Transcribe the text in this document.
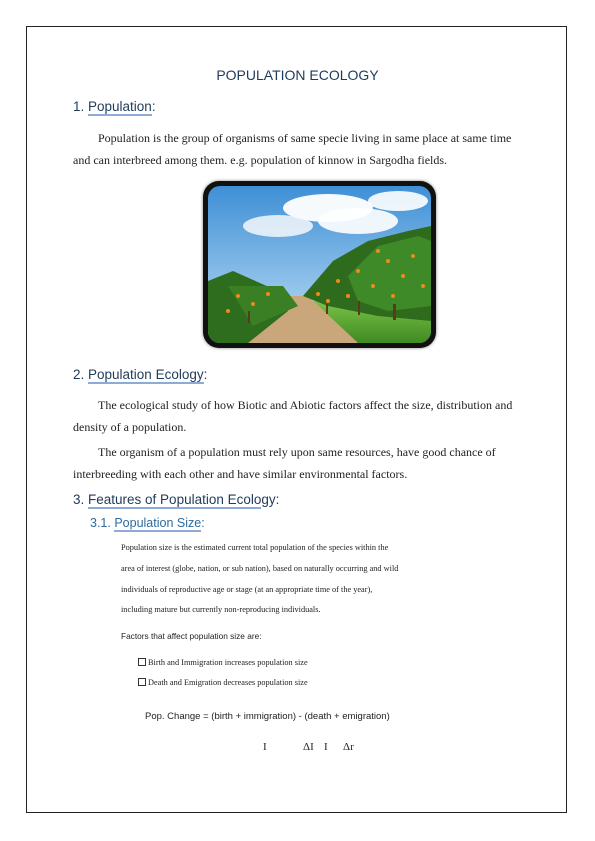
POPULATION ECOLOGY
1. Population:
Population is the group of organisms of same specie living in same place at same time
and can interbreed among them. e.g. population of kinnow in Sargodha fields.
2. Population Ecology:
The ecological study of how Biotic and Abiotic factors affect the size, distribution and
density of a population.
The organism of a population must rely upon same resources, have good chance of
interbreeding with each other and have similar environmental factors.
3. Features of Population Ecology:
3.1. Population Size:
Population size is the estimated current total population of the species within the
area of interest (globe, nation, or sub nation), based on naturally occurring and wild
individuals of reproductive age or stage (at an appropriate time of the year),
including mature but currently non-reproducing individuals.
Factors that affect population size are:
Birth and Immigration increases population size
Death and Emigration decreases population size
Pop. Change = (birth + immigration) - (death + emigration)
Ι	ΔΙ Ι Δr
